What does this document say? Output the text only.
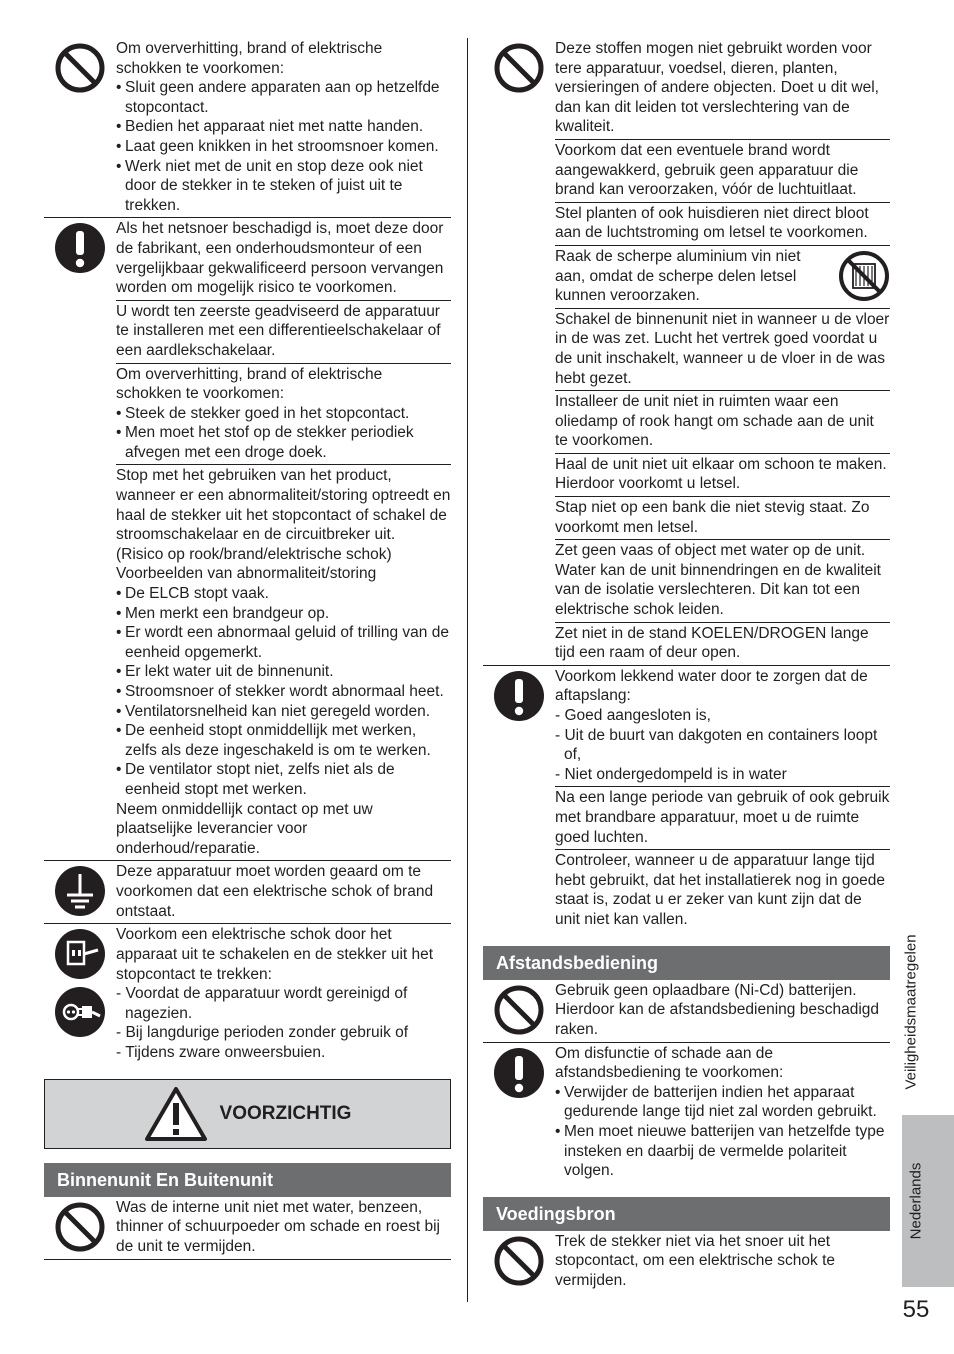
Om oververhitting, brand of elektrische schokken te voorkomen:

• Sluit geen andere apparaten aan op hetzelfde stopcontact.
• Bedien het apparaat niet met natte handen.
• Laat geen knikken in het stroomsnoer komen.
• Werk niet met de unit en stop deze ook niet door de stekker in te steken of juist uit te trekken.

Als het netsnoer beschadigd is, moet deze door de fabrikant, een onderhoudsmonteur of een vergelijkbaar gekwalificeerd persoon vervangen worden om mogelijk risico te voorkomen.

U wordt ten zeerste geadviseerd de apparatuur te installeren met een differentieelschakelaar of een aardlekschakelaar.

Om oververhitting, brand of elektrische schokken te voorkomen:

• Steek de stekker goed in het stopcontact.
• Men moet het stof op de stekker periodiek afvegen met een droge doek.

Stop met het gebruiken van het product, wanneer er een abnormaliteit/storing optreedt en haal de stekker uit het stopcontact of schakel de stroomschakelaar en de circuitbreker uit.

(Risico op rook/brand/elektrische schok)

Voorbeelden van abnormaliteit/storing

• De ELCB stopt vaak.
• Men merkt een brandgeur op.
• Er wordt een abnormaal geluid of trilling van de eenheid opgemerkt.
• Er lekt water uit de binnenunit.
• Stroomsnoer of stekker wordt abnormaal heet.
• Ventilatorsnelheid kan niet geregeld worden.
• De eenheid stopt onmiddellijk met werken, zelfs als deze ingeschakeld is om te werken.
• De ventilator stopt niet, zelfs niet als de eenheid stopt met werken.

Neem onmiddellijk contact op met uw plaatselijke leverancier voor onderhoud/reparatie.

Deze apparatuur moet worden geaard om te voorkomen dat een elektrische schok of brand ontstaat.

Voorkom een elektrische schok door het apparaat uit te schakelen en de stekker uit het stopcontact te trekken:

- Voordat de apparatuur wordt gereinigd of nagezien.
- Bij langdurige perioden zonder gebruik of
- Tijdens zware onweersbuien.
VOORZICHTIG
Binnenunit En Buitenunit

Was de interne unit niet met water, benzeen, thinner of schuurpoeder om schade en roest bij de unit te vermijden.

Deze stoffen mogen niet gebruikt worden voor tere apparatuur, voedsel, dieren, planten, versieringen of andere objecten. Doet u dit wel, dan kan dit leiden tot verslechtering van de kwaliteit.

Voorkom dat een eventuele brand wordt aangewakkerd, gebruik geen apparatuur die brand kan veroorzaken, vóór de luchtuitlaat.

Stel planten of ook huisdieren niet direct bloot aan de luchtstroming om letsel te voorkomen.

Raak de scherpe aluminium vin niet aan, omdat de scherpe delen letsel kunnen veroorzaken.

Schakel de binnenunit niet in wanneer u de vloer in de was zet. Lucht het vertrek goed voordat u de unit inschakelt, wanneer u de vloer in de was hebt gezet.

Installeer de unit niet in ruimten waar een oliedamp of rook hangt om schade aan de unit te voorkomen.

Haal de unit niet uit elkaar om schoon te maken. Hierdoor voorkomt u letsel.

Stap niet op een bank die niet stevig staat. Zo voorkomt men letsel.

Zet geen vaas of object met water op de unit. Water kan de unit binnendringen en de kwaliteit van de isolatie verslechteren. Dit kan tot een elektrische schok leiden.

Zet niet in de stand KOELEN/DROGEN lange tijd een raam of deur open.

Voorkom lekkend water door te zorgen dat de aftapslang:

- Goed aangesloten is,
- Uit de buurt van dakgoten en containers loopt of,
- Niet ondergedompeld is in water

Na een lange periode van gebruik of ook gebruik met brandbare apparatuur, moet u de ruimte goed luchten.

Controleer, wanneer u de apparatuur lange tijd hebt gebruikt, dat het installatierek nog in goede staat is, zodat u er zeker van kunt zijn dat de unit niet kan vallen.

Afstandsbediening

Gebruik geen oplaadbare (Ni-Cd) batterijen. Hierdoor kan de afstandsbediening beschadigd raken.

Om disfunctie of schade aan de afstandsbediening te voorkomen:

• Verwijder de batterijen indien het apparaat gedurende lange tijd niet zal worden gebruikt.
• Men moet nieuwe batterijen van hetzelfde type insteken en daarbij de vermelde polariteit volgen.
Voedingsbron

Trek de stekker niet via het snoer uit het stopcontact, om een elektrische schok te vermijden.

Veiligheidsmaatregelen
Nederlands
55
